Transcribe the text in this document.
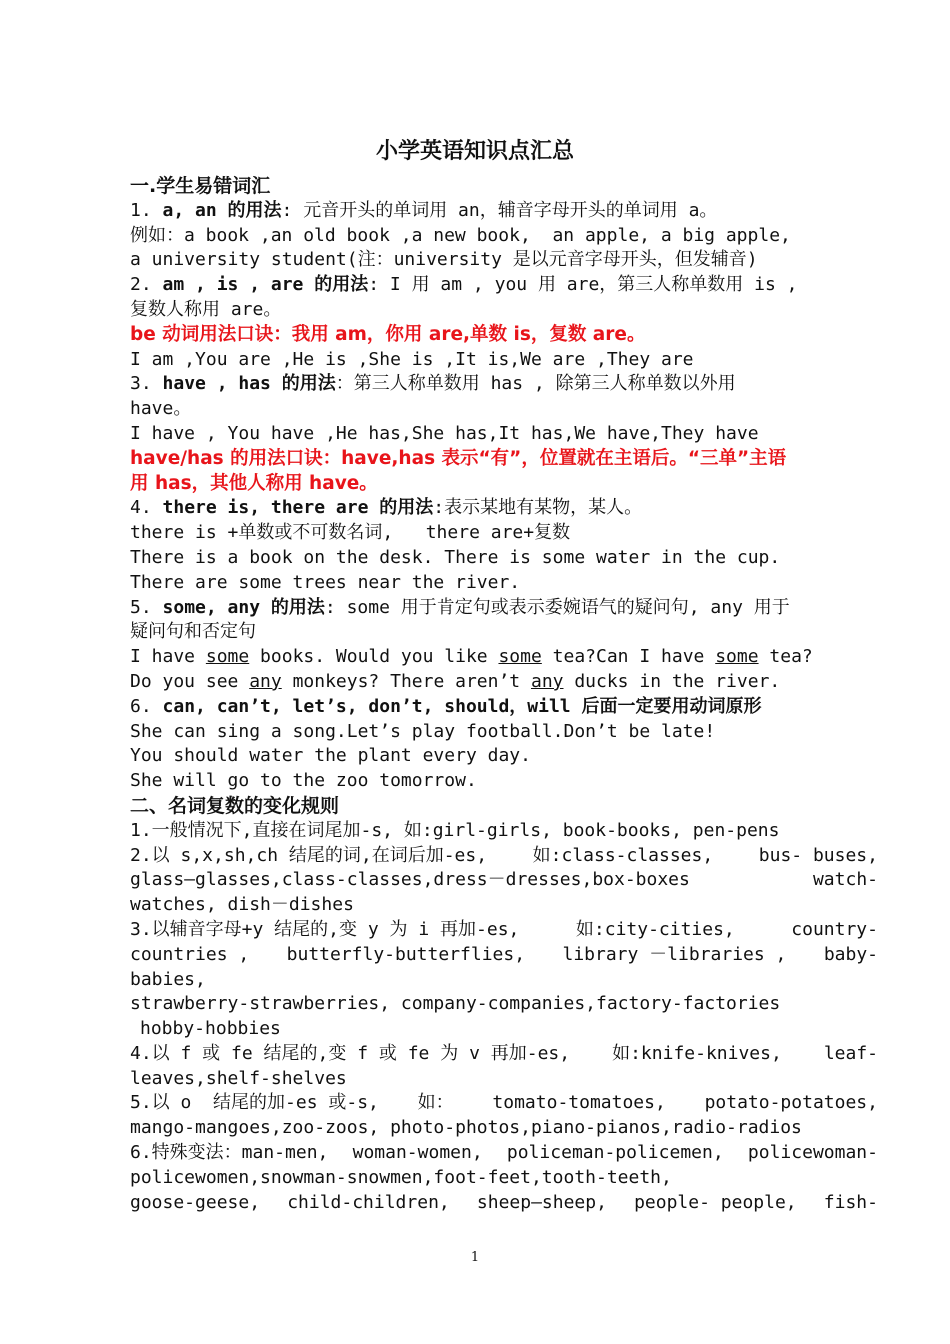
小学英语知识点汇总
一.学生易错词汇
1. a, an 的用法: 元音开头的单词用 an，辅音字母开头的单词用 a。
例如：a book ,an old book ,a new book,  an apple, a big apple,
a university student(注：university 是以元音字母开头，但发辅音)
2. am , is , are 的用法: I 用 am , you 用 are，第三人称单数用 is ,
复数人称用 are。
be 动词用法口诀：我用 am，你用 are,单数 is，复数 are。
I am ,You are ,He is ,She is ,It is,We are ,They are
3. have , has 的用法：第三人称单数用 has , 除第三人称单数以外用
have。
I have , You have ,He has,She has,It has,We have,They have
have/has 的用法口诀：have,has 表示“有”，位置就在主语后。“三单”主语
用 has，其他人称用 have。
4. there is, there are 的用法:表示某地有某物，某人。
there is +单数或不可数名词,   there are+复数
There is a book on the desk. There is some water in the cup.
There are some trees near the river.
5. some, any 的用法: some 用于肯定句或表示委婉语气的疑问句, any 用于
疑问句和否定句
I have some books. Would you like some tea?Can I have some tea?
Do you see any monkeys? There aren’t any ducks in the river.
6. can, can’t, let’s, don’t, should，will 后面一定要用动词原形
She can sing a song.Let’s play football.Don’t be late!
You should water the plant every day.
She will go to the zoo tomorrow.
二、名词复数的变化规则
1.一般情况下,直接在词尾加-s, 如:girl-girls, book-books, pen-pens
2.以 s,x,sh,ch 结尾的词,在词后加-es,	如:class-classes,	bus- buses,
glass—glasses,class-classes,dress－dresses,box-boxes	watch-
watches, dish－dishes
3.以辅音字母+y 结尾的,变 y 为 i 再加-es,	如:city-cities,	country-
countries , butterfly-butterflies, library －libraries , baby-
babies,
strawberry-strawberries, company-companies,factory-factories
hobby-hobbies
4.以 f 或 fe 结尾的,变 f 或 fe 为 v 再加-es, 如:knife-knives, leaf-
leaves,shelf-shelves
5.以 o  结尾的加-es 或-s, 如： tomato-tomatoes, potato-potatoes,
mango-mangoes,zoo-zoos, photo-photos,piano-pianos,radio-radios
6.特殊变法：man-men, woman-women, policeman-policemen, policewoman-
policewomen,snowman-snowmen,foot-feet,tooth-teeth,
goose-geese, child-children, sheep—sheep, people- people, fish-
1
